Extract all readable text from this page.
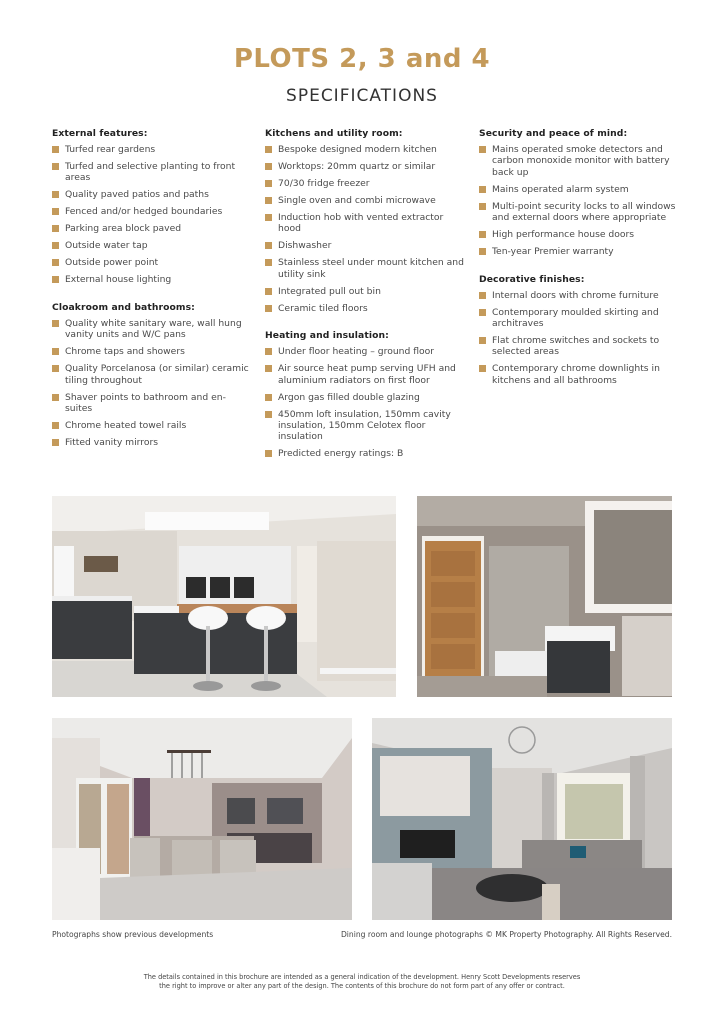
PLOTS 2, 3 and 4
SPECIFICATIONS
External features:
Turfed rear gardens
Turfed and selective planting to front areas
Quality paved patios and paths
Fenced and/or hedged boundaries
Parking area block paved
Outside water tap
Outside power point
External house lighting
Cloakroom and bathrooms:
Quality white sanitary ware, wall hung vanity units and W/C pans
Chrome taps and showers
Quality Porcelanosa (or similar) ceramic tiling throughout
Shaver points to bathroom and en-suites
Chrome heated towel rails
Fitted vanity mirrors
Kitchens and utility room:
Bespoke designed modern kitchen
Worktops: 20mm quartz or similar
70/30 fridge freezer
Single oven and combi microwave
Induction hob with vented extractor hood
Dishwasher
Stainless steel under mount kitchen and utility sink
Integrated pull out bin
Ceramic tiled floors
Heating and insulation:
Under floor heating – ground floor
Air source heat pump serving UFH and aluminium radiators on first floor
Argon gas filled double glazing
450mm loft insulation, 150mm cavity insulation, 150mm Celotex floor insulation
Predicted energy ratings: B
Security and peace of mind:
Mains operated smoke detectors and carbon monoxide monitor with battery back up
Mains operated alarm system
Multi-point security locks to all windows and external doors where appropriate
High performance house doors
Ten-year Premier warranty
Decorative finishes:
Internal doors with chrome furniture
Contemporary moulded skirting and architraves
Flat chrome switches and sockets to selected areas
Contemporary chrome downlights in kitchens and all bathrooms
Photographs show previous developments	Dining room and lounge photographs © MK Property Photography. All Rights Reserved.
The details contained in this brochure are intended as a general indication of the development. Henry Scott Developments reserves
the right to improve or alter any part of the design. The contents of this brochure do not form part of any offer or contract.
